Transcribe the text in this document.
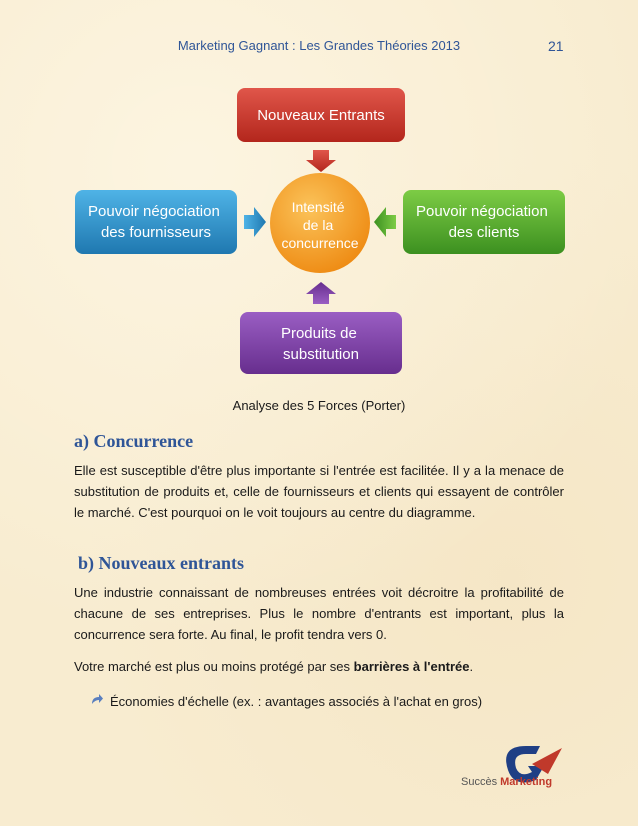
Marketing Gagnant : Les Grandes Théories 2013	21
Nouveaux Entrants
Pouvoir négociation des fournisseurs
Pouvoir négociation des clients
Intensité de la concurrence
Produits de substitution
Analyse des 5 Forces (Porter)
a) Concurrence

Elle est susceptible d'être plus importante si l'entrée est facilitée. Il y a la menace de substitution de produits et, celle de fournisseurs et clients qui essayent de contrôler le marché. C'est pourquoi on le voit toujours au centre du diagramme.

b) Nouveaux entrants

Une industrie connaissant de nombreuses entrées voit décroitre la profitabilité de chacune de ses entreprises. Plus le nombre d'entrants est important, plus la concurrence sera forte. Au final, le profit tendra vers 0.

Votre marché est plus ou moins protégé par ses barrières à l'entrée.

Économies d'échelle (ex. : avantages associés à l'achat en gros)
Succès Marketing
